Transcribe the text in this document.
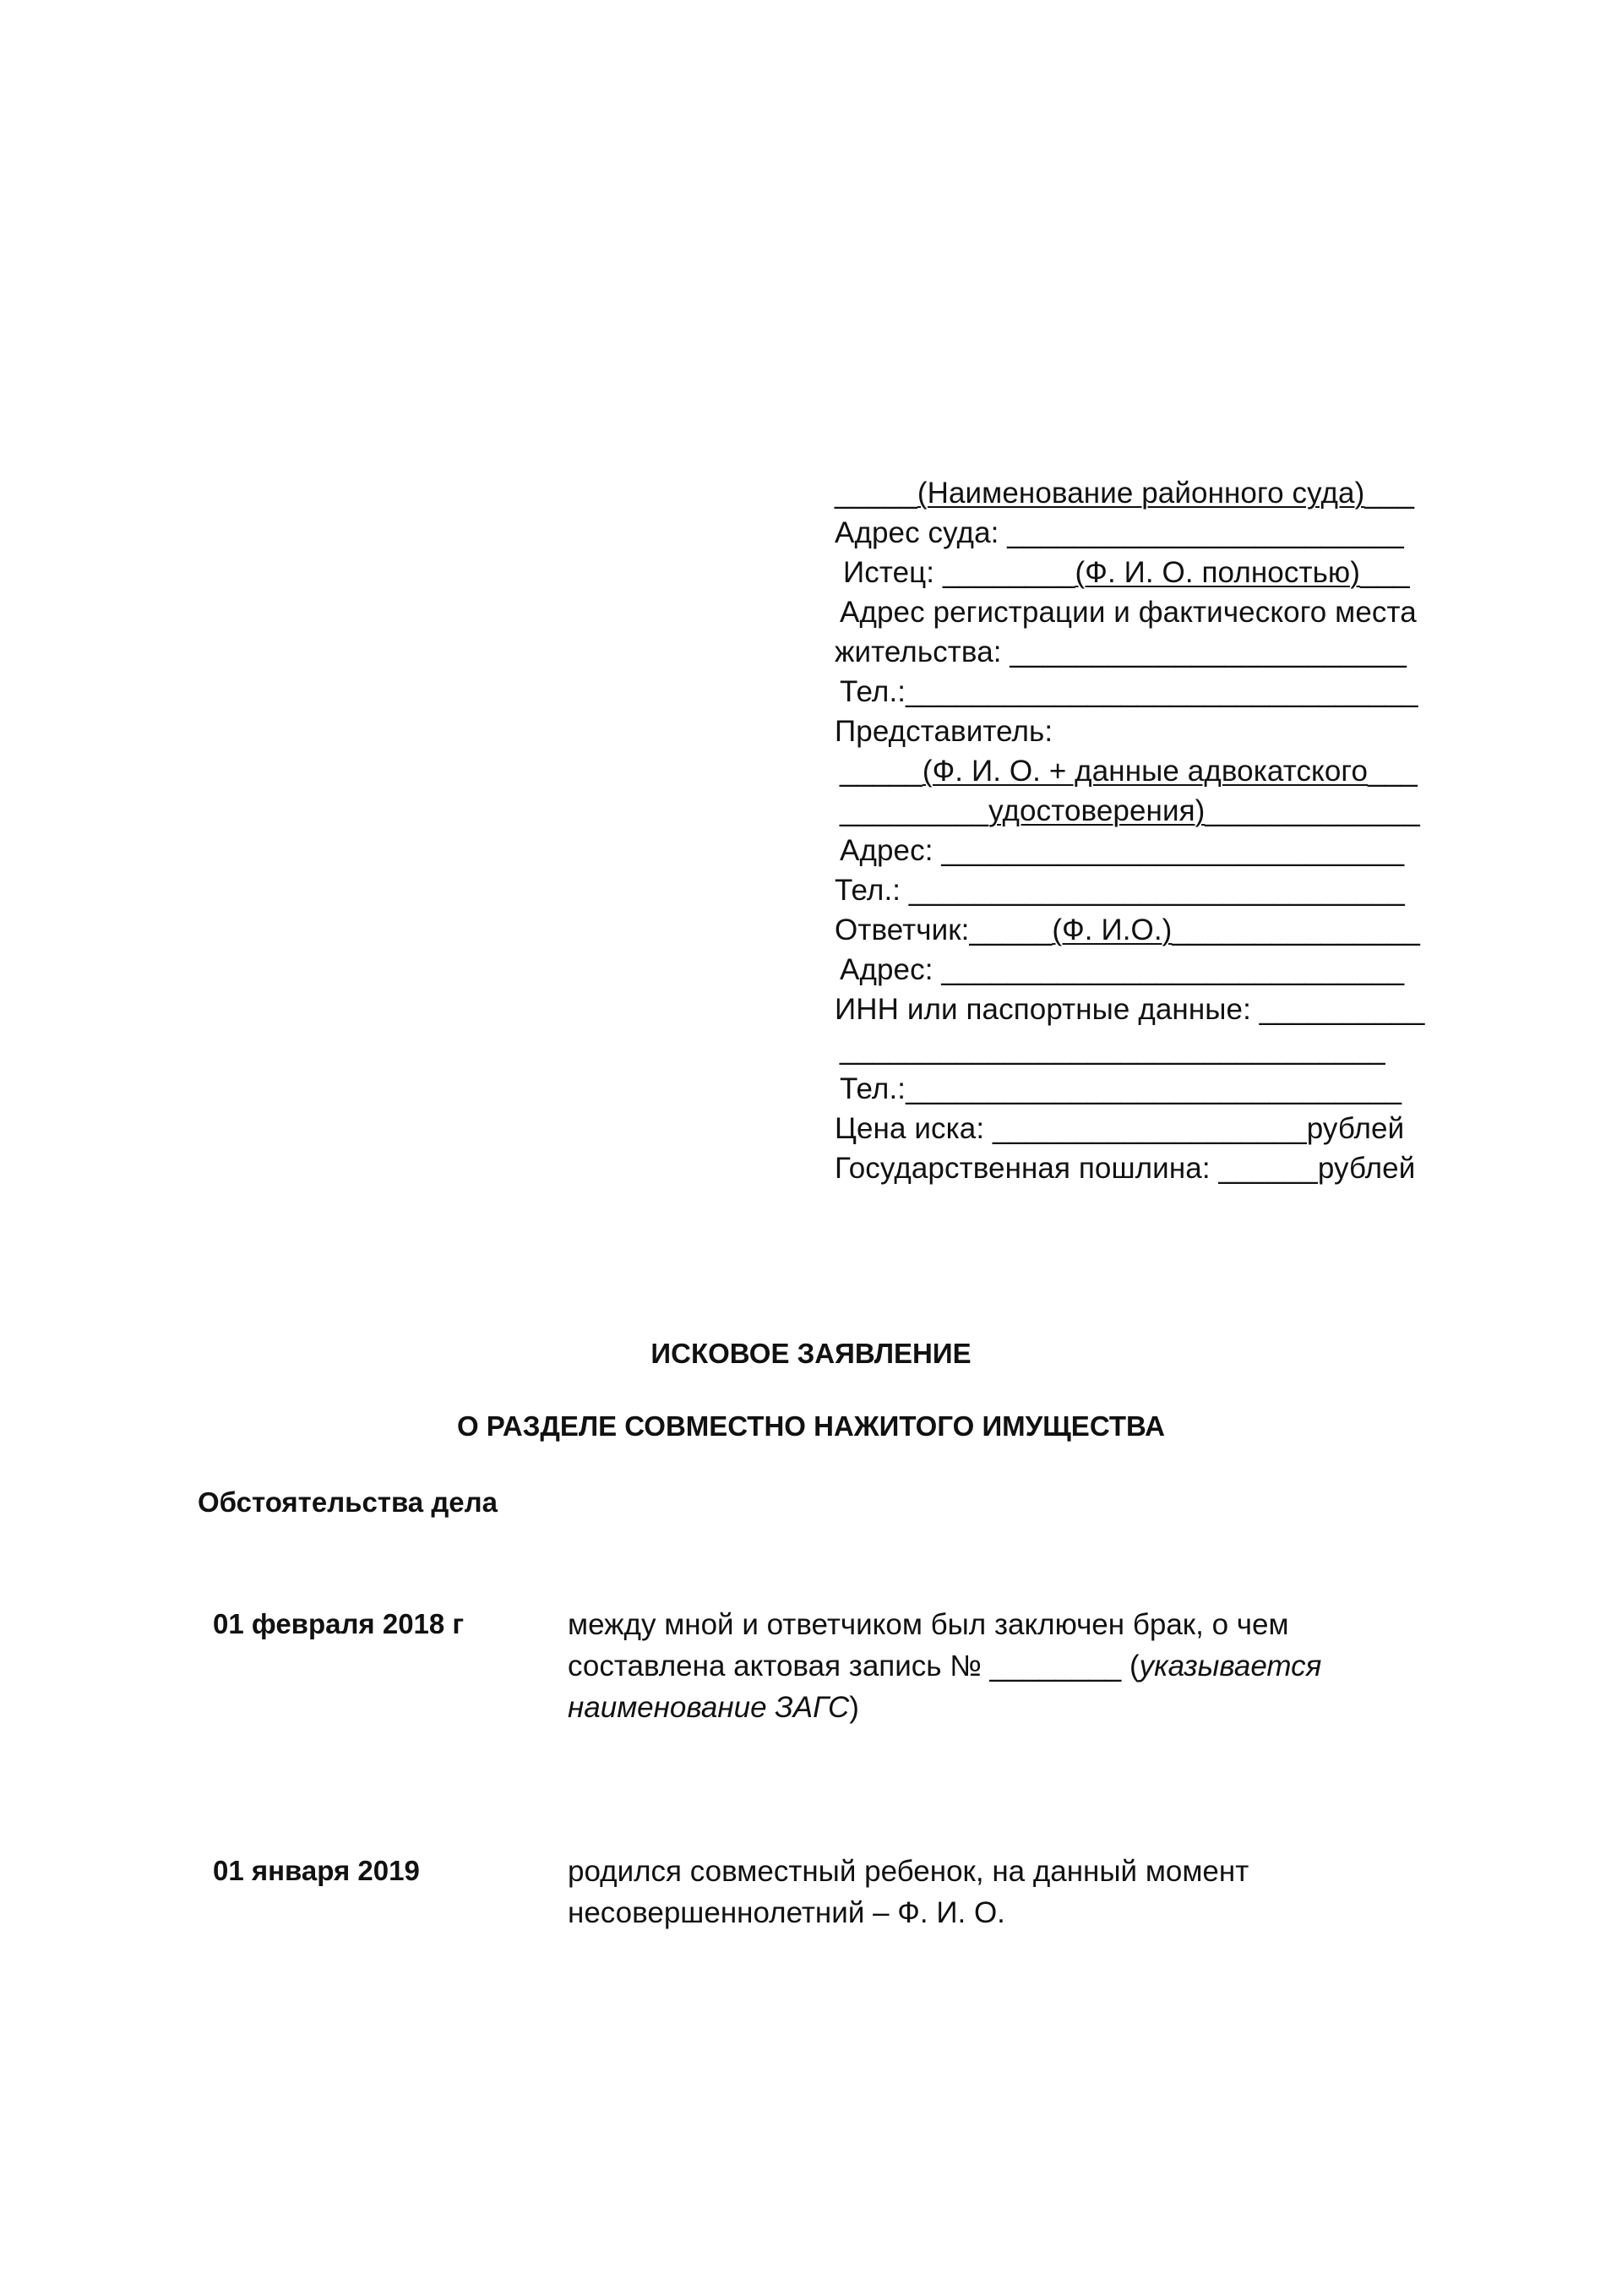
_____(Наименование районного суда)___
Адрес суда: ________________________
Истец: ________(Ф. И. О. полностью)___
Адрес регистрации и фактического места
жительства: ________________________
Тел.:_______________________________
Представитель:
_____(Ф. И. О. + данные адвокатского___
_________удостоверения)_____________
Адрес: ____________________________
Тел.: ______________________________
Ответчик:_____(Ф. И.О.)_______________
Адрес: ____________________________
ИНН или паспортные данные: __________
_________________________________
Тел.:______________________________
Цена иска: ___________________рублей
Государственная пошлина: ______рублей
ИСКОВОЕ ЗАЯВЛЕНИЕ
О РАЗДЕЛЕ СОВМЕСТНО НАЖИТОГО ИМУЩЕСТВА
Обстоятельства дела
01 февраля 2018 г	между мной и ответчиком был заключен брак, о чем
составлена актовая запись № ________ (указывается
наименование ЗАГС)
01 января 2019	родился совместный ребенок, на данный момент
несовершеннолетний – Ф. И. О.
